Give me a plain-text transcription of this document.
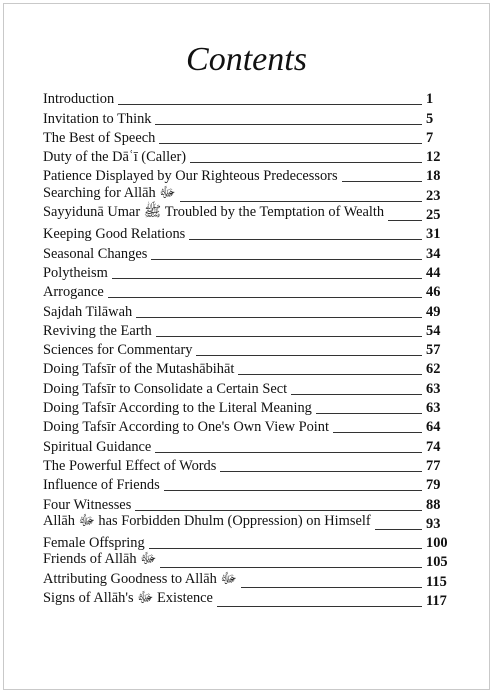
Contents
Introduction	1
Invitation to Think	5
The Best of Speech	7
Duty of the Dāʿī (Caller)	12
Patience Displayed by Our Righteous Predecessors	18
Searching for Allāh ﷻ	23
Sayyidunā Umar ﷺ Troubled by the Temptation of Wealth	25
Keeping Good Relations	31
Seasonal Changes	34
Polytheism	44
Arrogance	46
Sajdah Tilāwah	49
Reviving the Earth	54
Sciences for Commentary	57
Doing Tafsīr of the Mutashābihāt	62
Doing Tafsīr to Consolidate a Certain Sect	63
Doing Tafsīr According to the Literal Meaning	63
Doing Tafsīr According to One's Own View Point	64
Spiritual Guidance	74
The Powerful Effect of Words	77
Influence of Friends	79
Four Witnesses	88
Allāh ﷻ has Forbidden Dhulm (Oppression) on Himself	93
Female Offspring	100
Friends of Allāh ﷻ	105
Attributing Goodness to Allāh ﷻ	115
Signs of Allāh's ﷻ Existence	117
